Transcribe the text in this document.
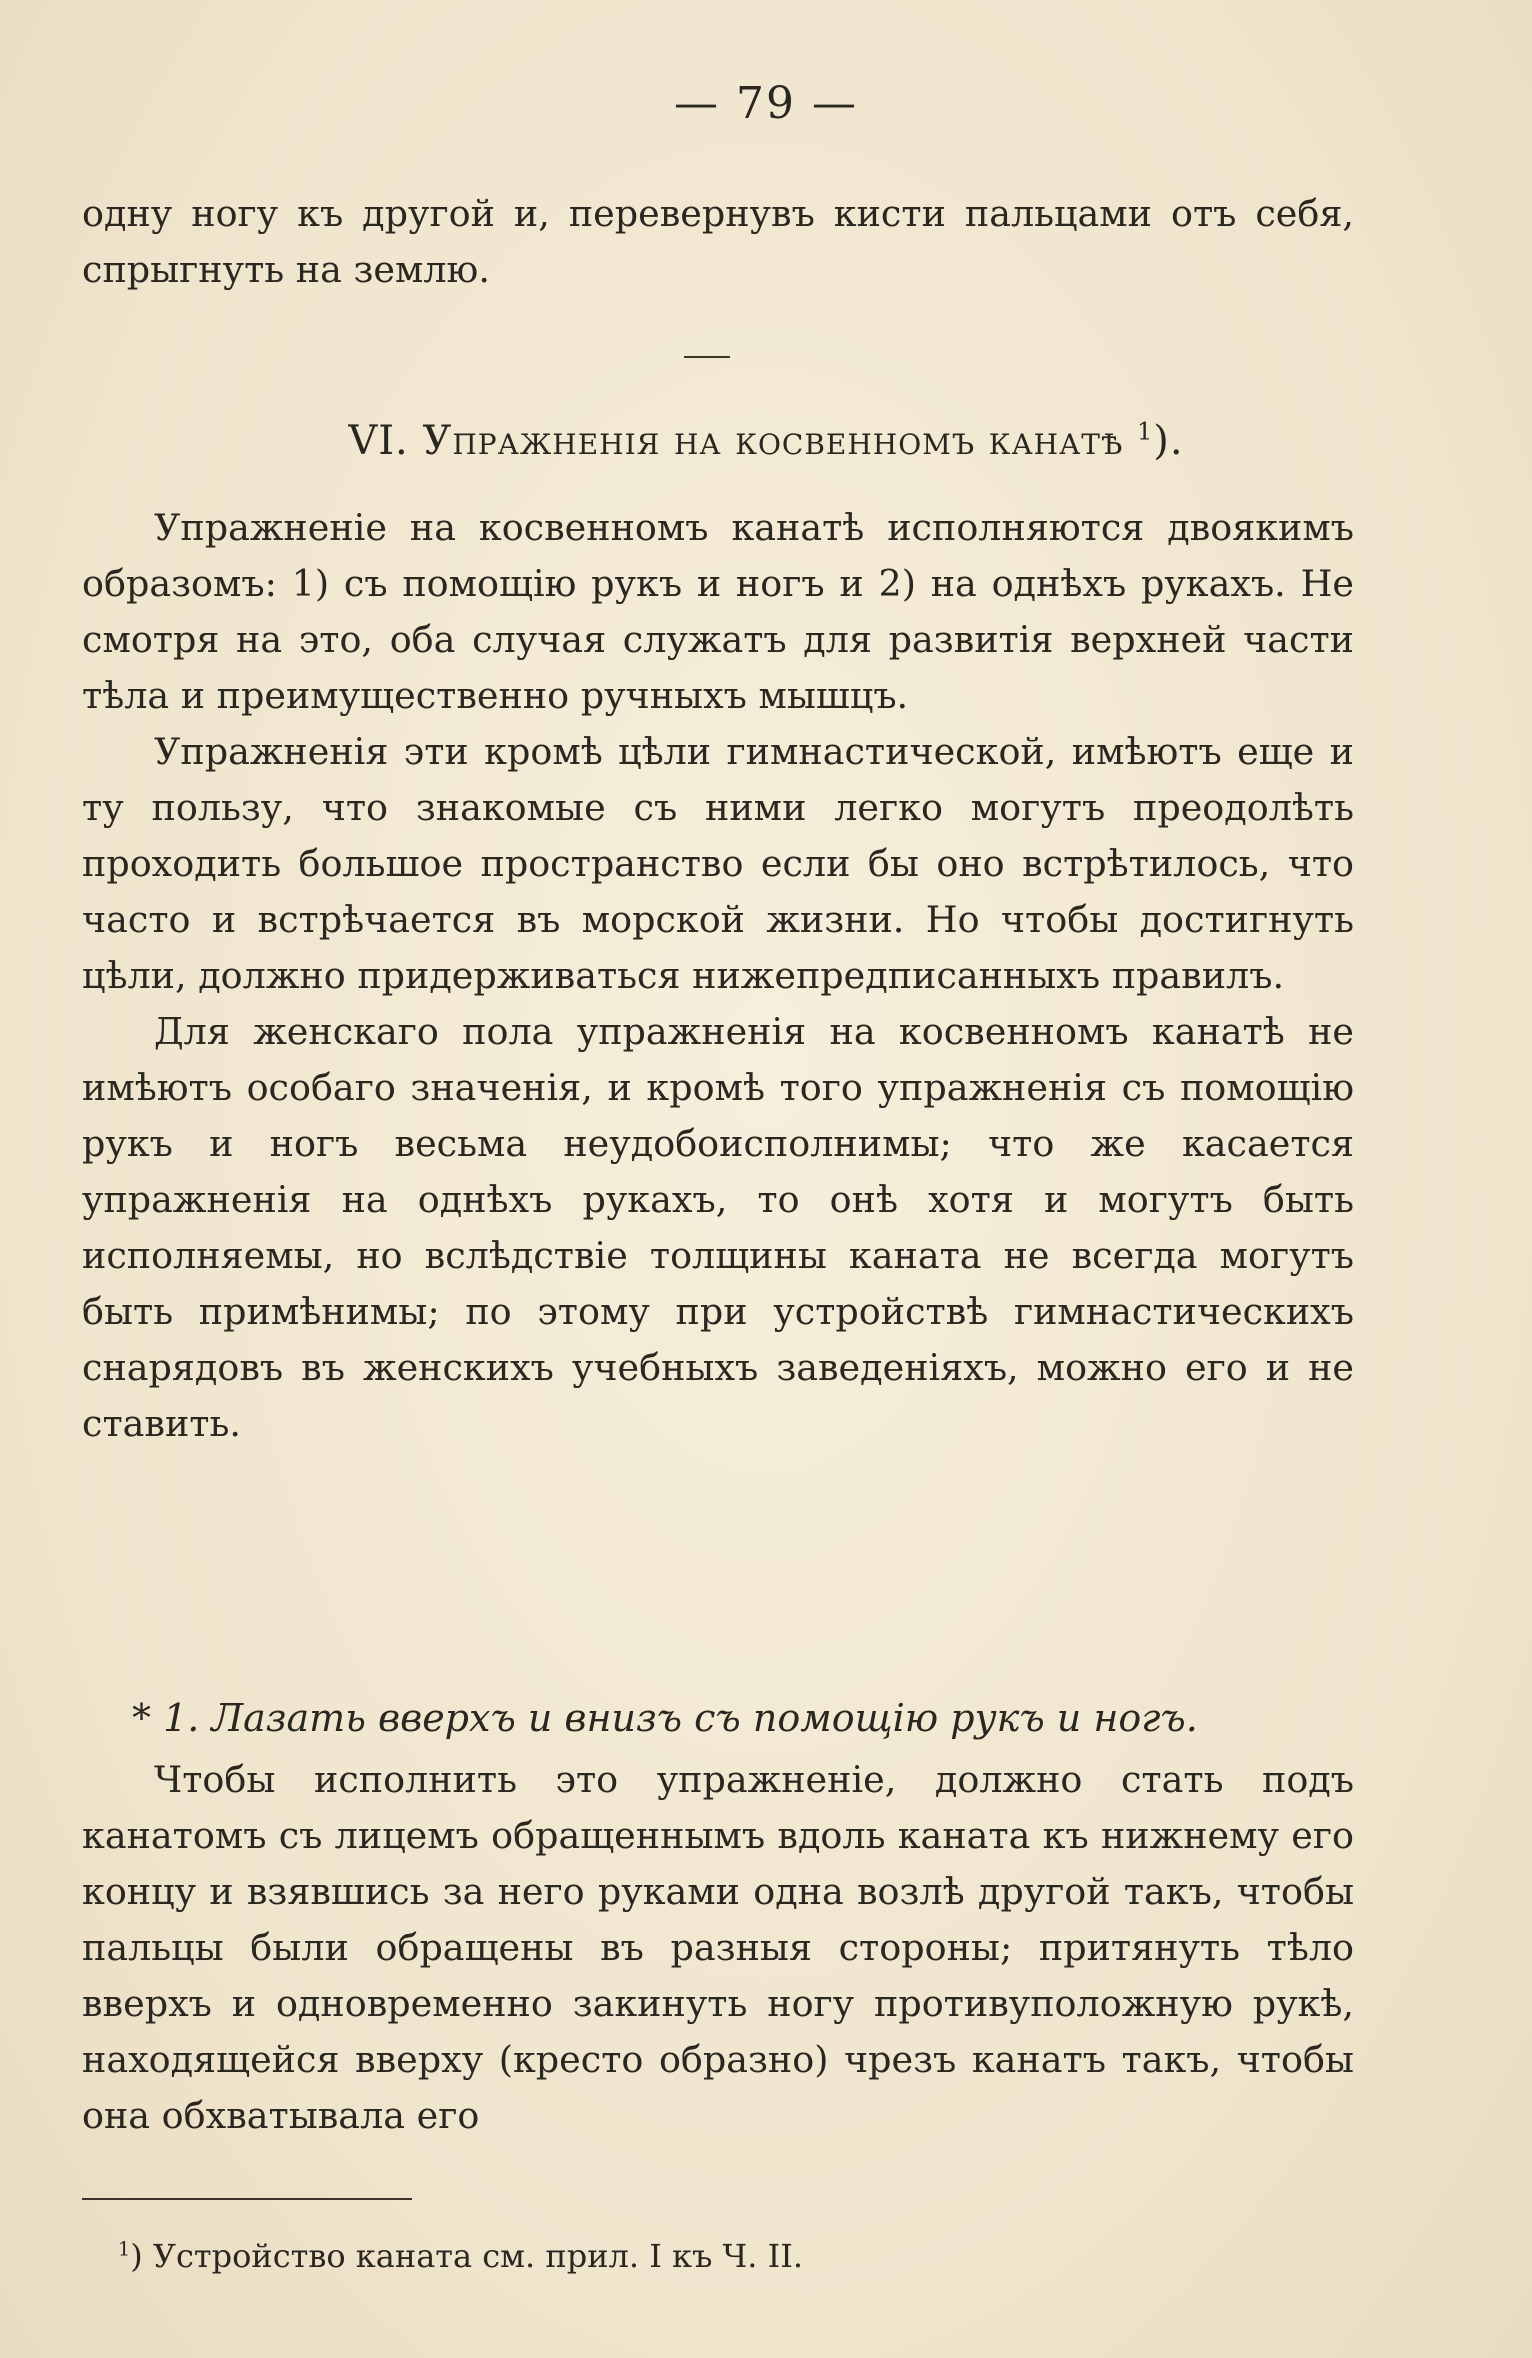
— 79 —

одну ногу къ другой и, перевернувъ кисти пальцами отъ себя, спрыгнуть на землю.

VI. Упражненія на косвенномъ канатѣ $^1$).

Упражненіе на косвенномъ канатѣ исполняются двоякимъ образомъ: 1) съ помощію рукъ и ногъ и 2) на однѣхъ рукахъ. Не смотря на это, оба случая служатъ для развитія верхней части тѣла и преимущественно ручныхъ мышцъ.

Упражненія эти кромѣ цѣли гимнастической, имѣютъ еще и ту пользу, что знакомые съ ними легко могутъ преодолѣть проходить большое пространство если бы оно встрѣтилось, что часто и встрѣчается въ морской жизни. Но чтобы достигнуть цѣли, должно придерживаться нижепредписанныхъ правилъ.

Для женскаго пола упражненія на косвенномъ канатѣ не имѣютъ особаго значенія, и кромѣ того упражненія съ помощію рукъ и ногъ весьма неудобоисполнимы; что же касается упражненія на однѣхъ рукахъ, то онѣ хотя и могутъ быть исполняемы, но вслѣдствіе толщины каната не всегда могутъ быть примѣнимы; по этому при устройствѣ гимнастическихъ снарядовъ въ женскихъ учебныхъ заведеніяхъ, можно его и не ставить.

* 1. Лазать вверхъ и внизъ съ помощію рукъ и ногъ.

Чтобы исполнить это упражненіе, должно стать подъ канатомъ съ лицемъ обращеннымъ вдоль каната къ нижнему его концу и взявшись за него руками одна возлѣ другой такъ, чтобы пальцы были обращены въ разныя стороны; притянуть тѣло вверхъ и одновременно закинуть ногу противуположную рукѣ, находящейся вверху (кресто образно) чрезъ канатъ такъ, чтобы она обхватывала его

$^1$) Устройство каната см. прил. I къ Ч. II.
